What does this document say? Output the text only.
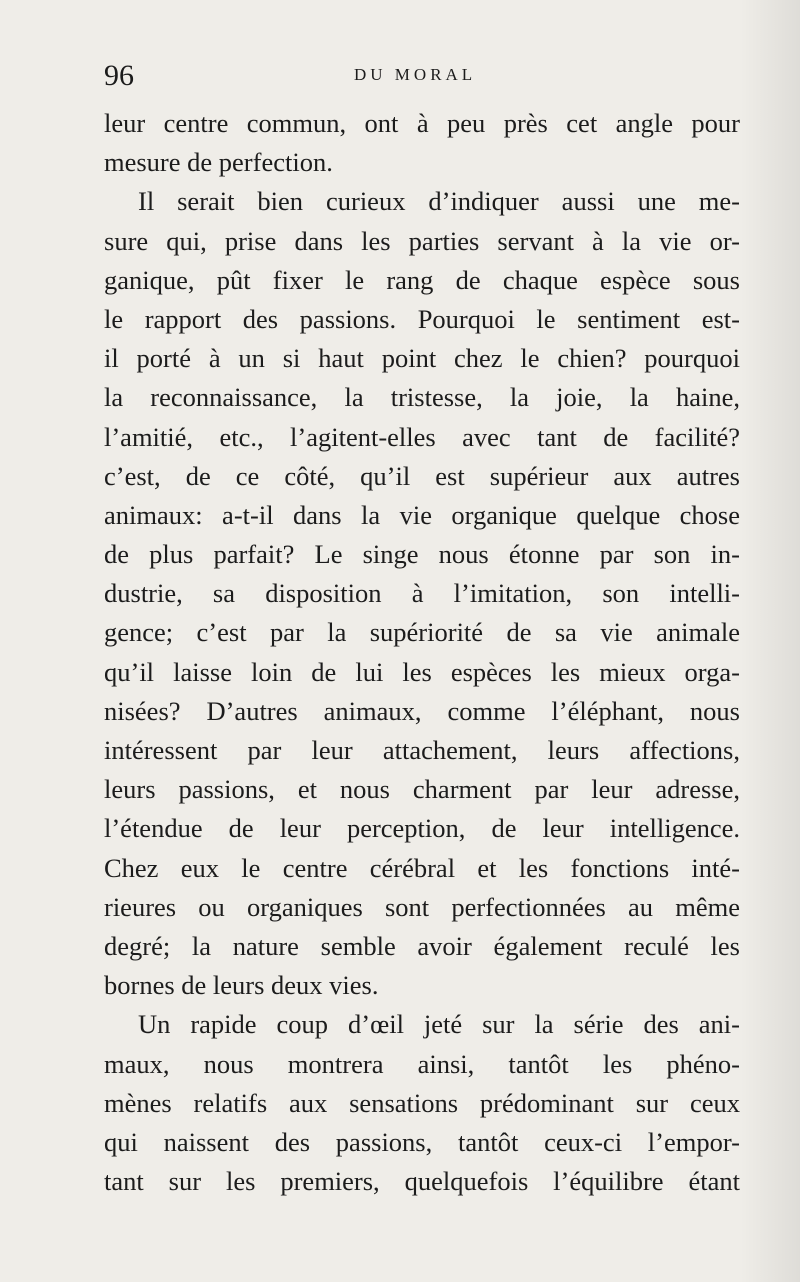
96	DU MORAL
leur centre commun, ont à peu près cet angle pour
mesure de perfection.
Il serait bien curieux d’indiquer aussi une me-
sure qui, prise dans les parties servant à la vie or-
ganique, pût fixer le rang de chaque espèce sous
le rapport des passions. Pourquoi le sentiment est-
il porté à un si haut point chez le chien? pourquoi
la reconnaissance, la tristesse, la joie, la haine,
l’amitié, etc., l’agitent-elles avec tant de facilité?
c’est, de ce côté, qu’il est supérieur aux autres
animaux: a-t-il dans la vie organique quelque chose
de plus parfait? Le singe nous étonne par son in-
dustrie, sa disposition à l’imitation, son intelli-
gence; c’est par la supériorité de sa vie animale
qu’il laisse loin de lui les espèces les mieux orga-
nisées? D’autres animaux, comme l’éléphant, nous
intéressent par leur attachement, leurs affections,
leurs passions, et nous charment par leur adresse,
l’étendue de leur perception, de leur intelligence.
Chez eux le centre cérébral et les fonctions inté-
rieures ou organiques sont perfectionnées au même
degré; la nature semble avoir également reculé les
bornes de leurs deux vies.
Un rapide coup d’œil jeté sur la série des ani-
maux, nous montrera ainsi, tantôt les phéno-
mènes relatifs aux sensations prédominant sur ceux
qui naissent des passions, tantôt ceux-ci l’empor-
tant sur les premiers, quelquefois l’équilibre étant
